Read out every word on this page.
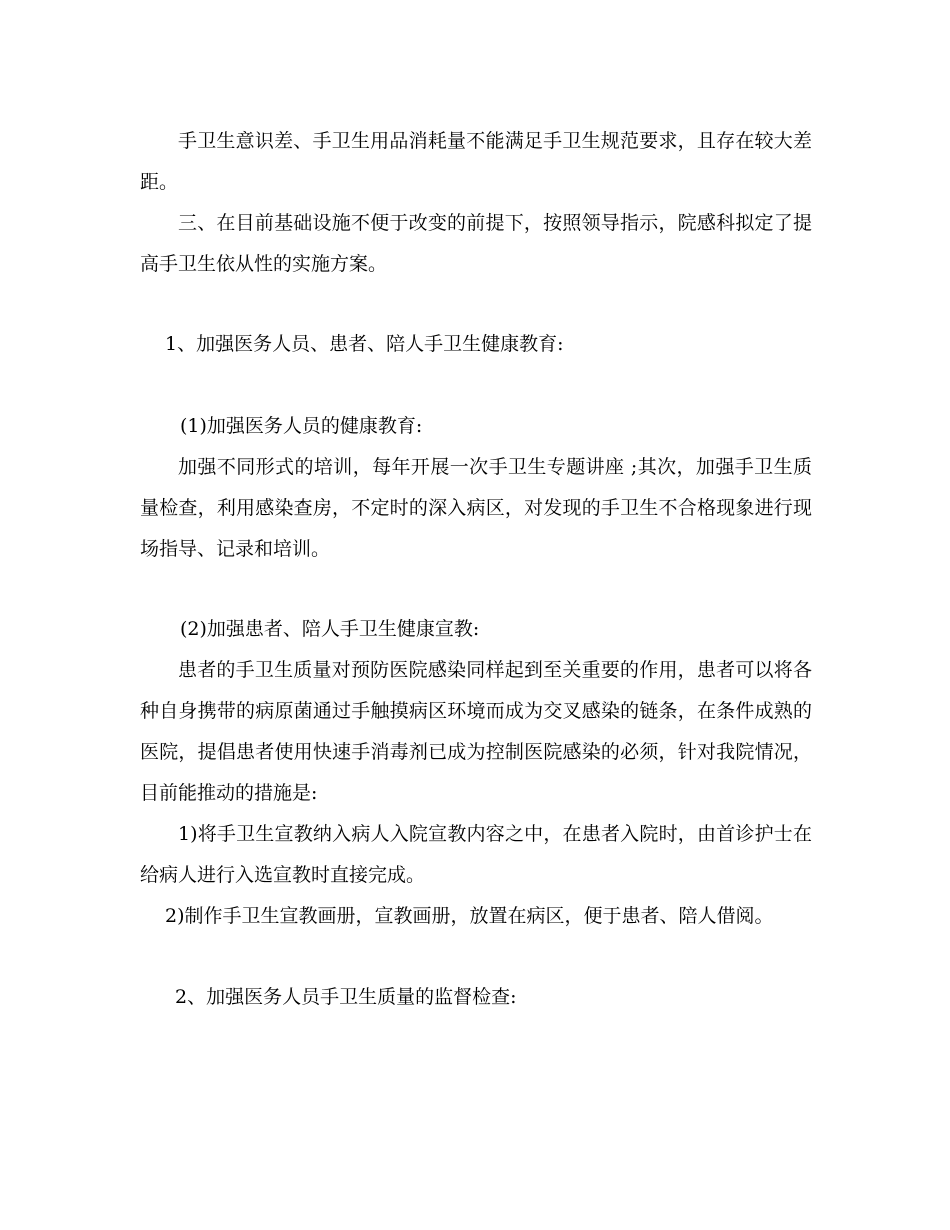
手卫生意识差、手卫生用品消耗量不能满足手卫生规范要求，且存在较大差距。

三、在目前基础设施不便于改变的前提下，按照领导指示，院感科拟定了提高手卫生依从性的实施方案。

1、加强医务人员、患者、陪人手卫生健康教育:

(1)加强医务人员的健康教育:

加强不同形式的培训，每年开展一次手卫生专题讲座 ;其次，加强手卫生质量检查，利用感染查房，不定时的深入病区，对发现的手卫生不合格现象进行现场指导、记录和培训。

(2)加强患者、陪人手卫生健康宣教:

患者的手卫生质量对预防医院感染同样起到至关重要的作用，患者可以将各种自身携带的病原菌通过手触摸病区环境而成为交叉感染的链条，在条件成熟的医院，提倡患者使用快速手消毒剂已成为控制医院感染的必须，针对我院情况，目前能推动的措施是:

1)将手卫生宣教纳入病人入院宣教内容之中，在患者入院时，由首诊护士在给病人进行入选宣教时直接完成。

2)制作手卫生宣教画册，宣教画册，放置在病区，便于患者、陪人借阅。

2、加强医务人员手卫生质量的监督检查:
